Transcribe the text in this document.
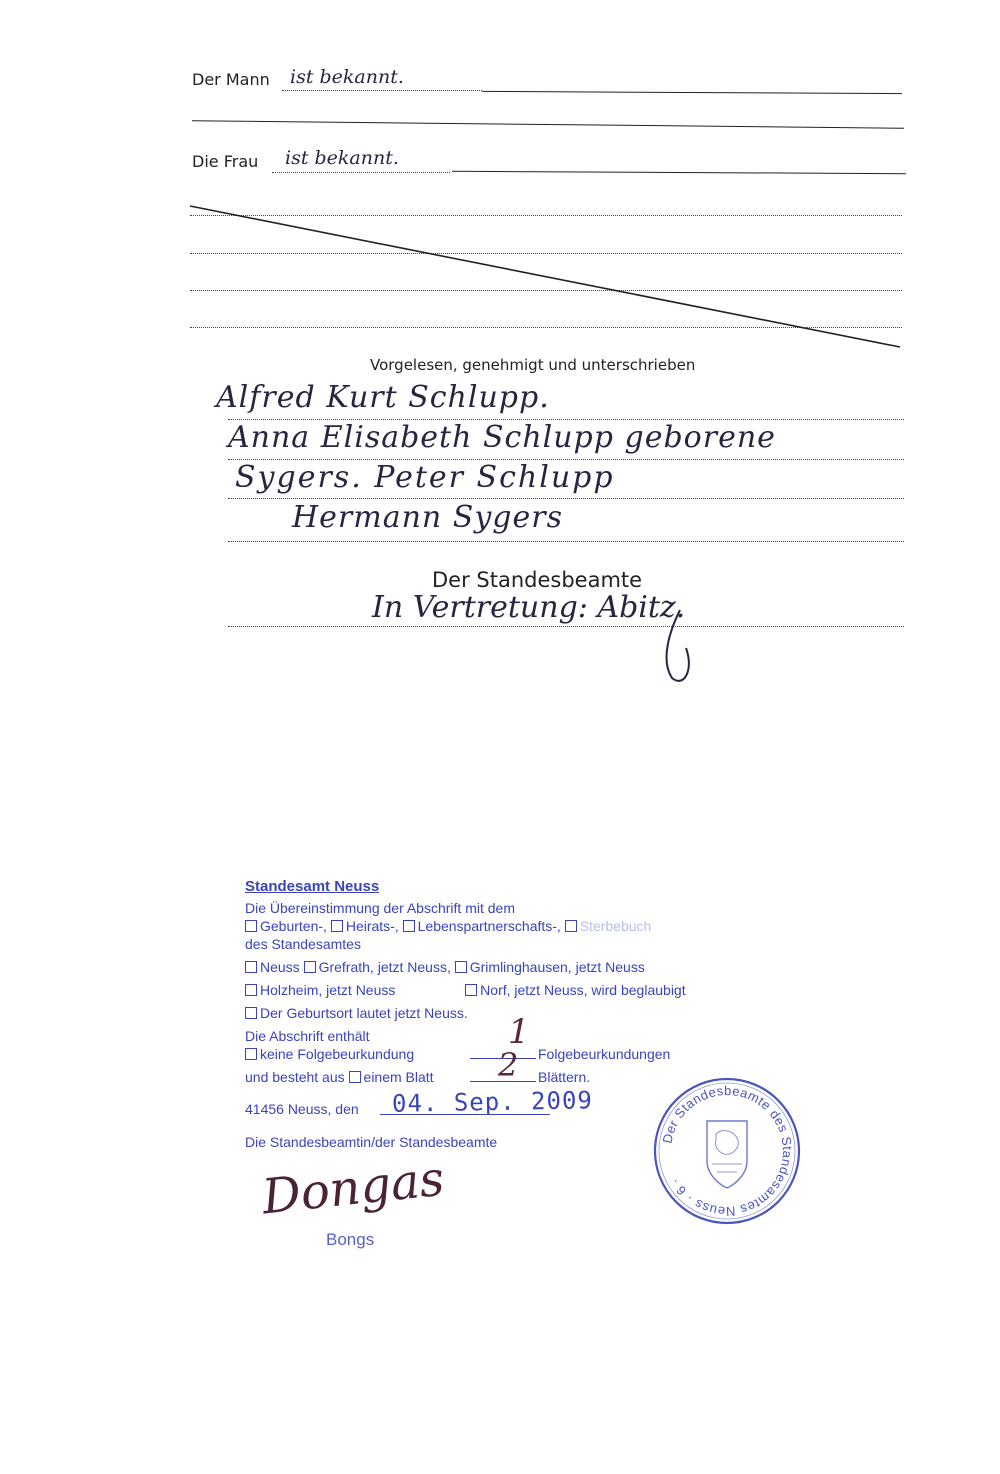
Der Mann ist bekannt.
Die Frau ist bekannt.
Vorgelesen, genehmigt und unterschrieben
Alfred Kurt Schlupp.
Anna Elisabeth Schlupp geborene
Sygers. Peter Schlupp
Hermann Sygers
Der Standesbeamte
In Vertretung: Abitz.
Standesamt Neuss
Die Übereinstimmung der Abschrift mit dem
Geburten-, Heirats-, Lebenspartnerschafts-, Sterbebuch
des Standesamtes
Neuss Grefrath, jetzt Neuss, Grimlinghausen, jetzt Neuss
Holzheim, jetzt Neuss	Norf, jetzt Neuss, wird beglaubigt
Der Geburtsort lautet jetzt Neuss.
Die Abschrift enthält
keine Folgebeurkundung
1
Folgebeurkundungen
und besteht aus einem Blatt 2 Blättern.
41456 Neuss, den 04. Sep. 2009
Die Standesbeamtin/der Standesbeamte
Dongas
Bongs
Der Standesbeamte des Standesamtes Neuss · 6 ·
